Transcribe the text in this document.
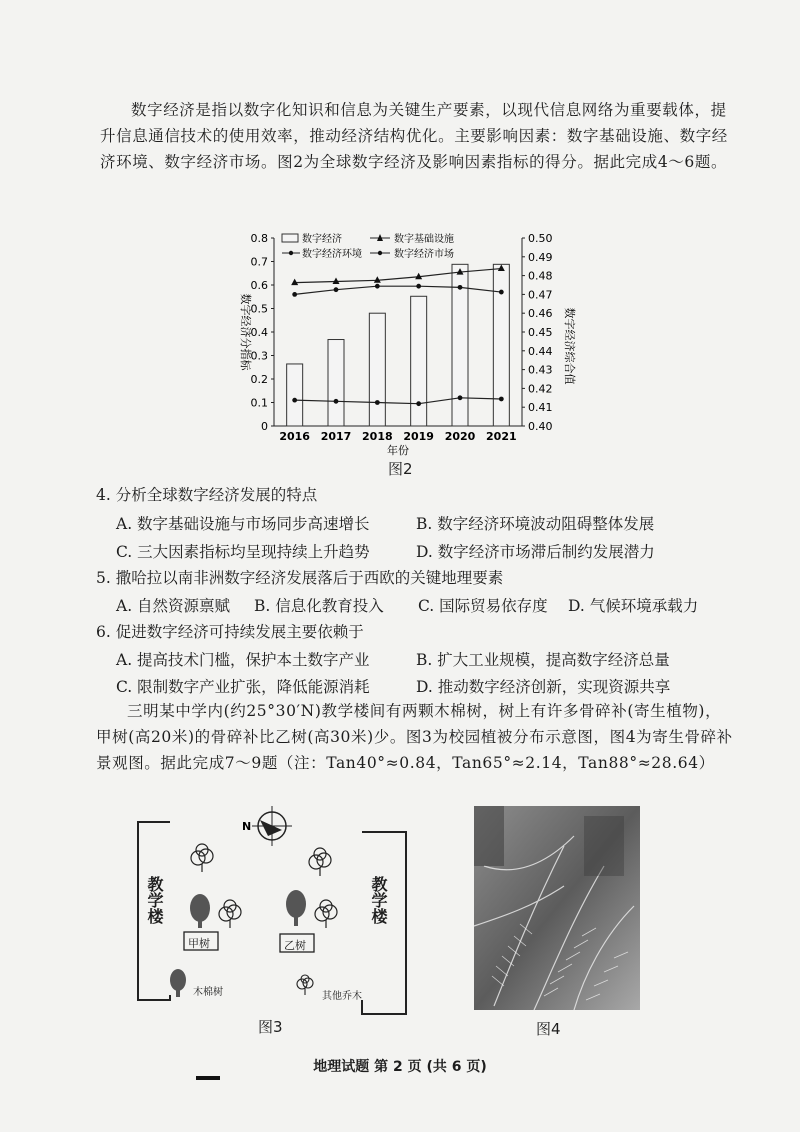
数字经济是指以数字化知识和信息为关键生产要素，以现代信息网络为重要载体，提升信息通信技术的使用效率，推动经济结构优化。主要影响因素：数字基础设施、数字经济环境、数字经济市场。图2为全球数字经济及影响因素指标的得分。据此完成4～6题。

0
0.1
0.2
0.3
0.4
0.5
0.6
0.7
0.8
0.40
0.41
0.42
0.43
0.44
0.45
0.46
0.47
0.48
0.49
0.50
2016 2017 2018 2019 2020 2021
年份
数字经济分指标	数字经济综合值
数字经济	数字基础设施
数字经济环境	数字经济市场
图2
4. 分析全球数字经济发展的特点
A. 数字基础设施与市场同步高速增长	B. 数字经济环境波动阻碍整体发展
C. 三大因素指标均呈现持续上升趋势	D. 数字经济市场滞后制约发展潜力
5. 撒哈拉以南非洲数字经济发展落后于西欧的关键地理要素
A. 自然资源禀赋 B. 信息化教育投入 C. 国际贸易依存度 D. 气候环境承载力
6. 促进数字经济可持续发展主要依赖于
A. 提高技术门槛，保护本土数字产业	B. 扩大工业规模，提高数字经济总量
C. 限制数字产业扩张，降低能源消耗	D. 推动数字经济创新，实现资源共享

三明某中学内(约25°30′N)教学楼间有两颗木棉树，树上有许多骨碎补(寄生植物)，甲树(高20米)的骨碎补比乙树(高30米)少。图3为校园植被分布示意图，图4为寄生骨碎补景观图。据此完成7～9题（注：Tan40°≈0.84，Tan65°≈2.14，Tan88°≈28.64）

N
教学楼	教学楼
甲树	乙树
木棉树	其他乔木
图3	图4
地理试题 第 2 页 (共 6 页)
